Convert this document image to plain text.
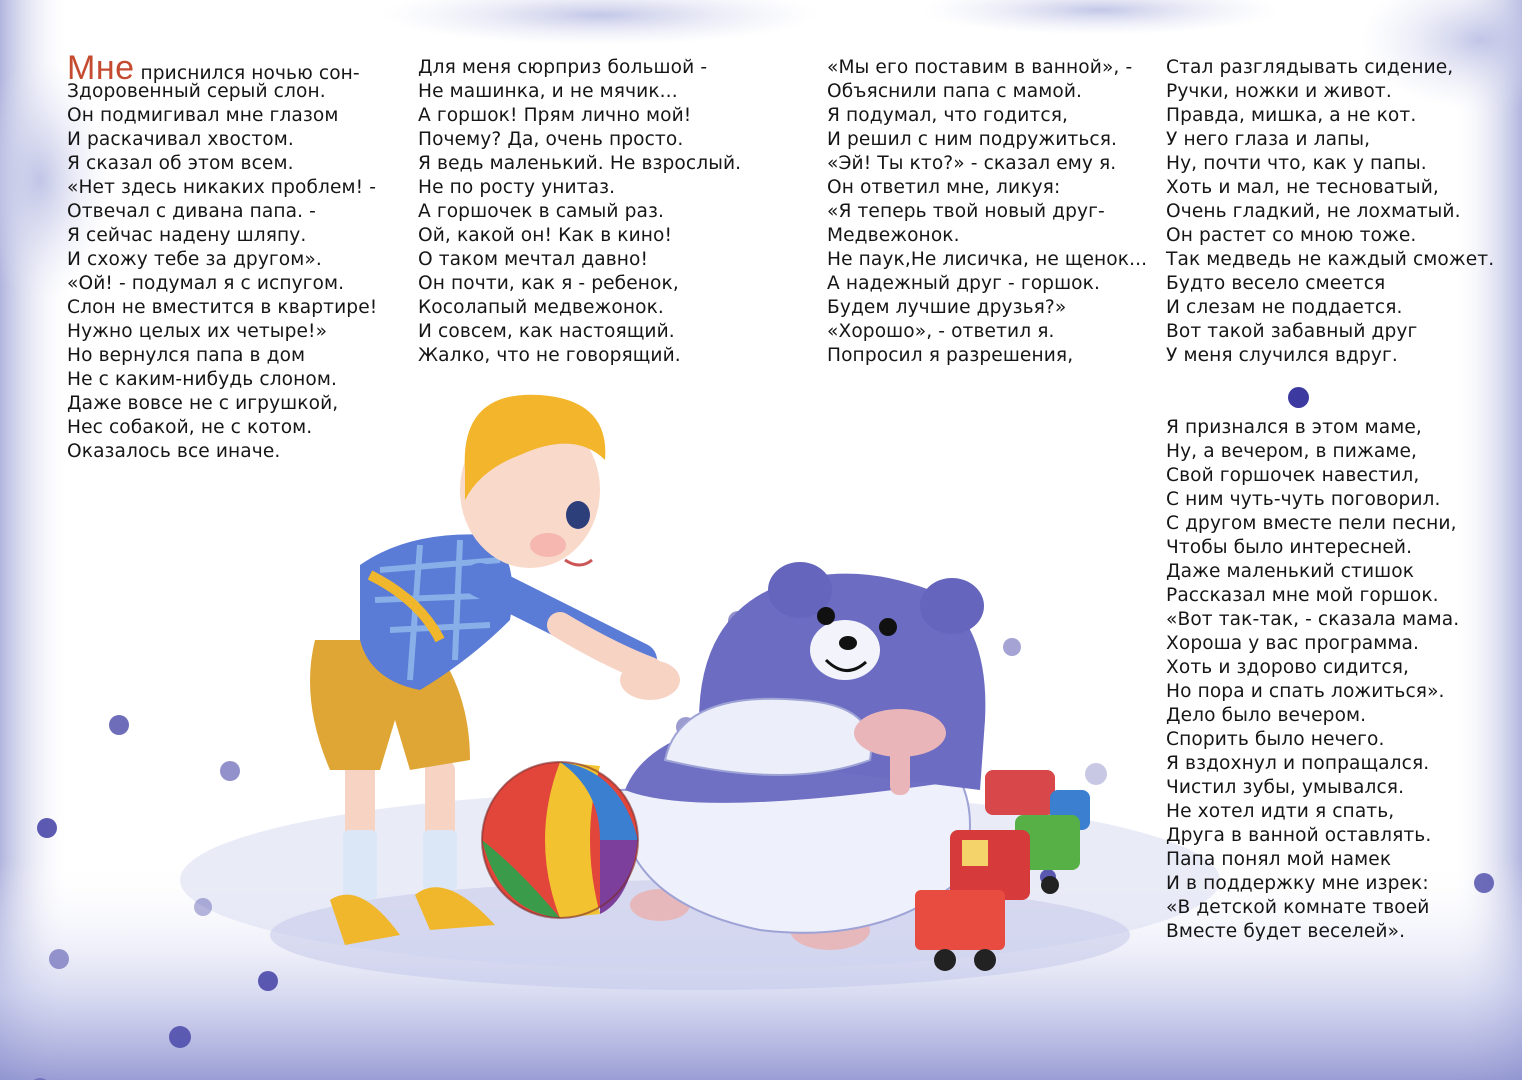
Мне приснился ночью сон-
Здоровенный серый слон.
Он подмигивал мне глазом
И раскачивал хвостом.
Я сказал об этом всем.
«Нет здесь никаких проблем! -
Отвечал с дивана папа. -
Я сейчас надену шляпу.
И схожу тебе за другом».
«Ой! - подумал я с испугом.
Слон не вместится в квартире!
Нужно целых их четыре!»
Но вернулся папа в дом
Не с каким-нибудь слоном.
Даже вовсе не с игрушкой,
Нес собакой, не с котом.
Оказалось все иначе.
Для меня сюрприз большой -
Не машинка, и не мячик...
А горшок! Прям лично мой!
Почему? Да, очень просто.
Я ведь маленький. Не взрослый.
Не по росту унитаз.
А горшочек в самый раз.
Ой, какой он! Как в кино!
О таком мечтал давно!
Он почти, как я - ребенок,
Косолапый медвежонок.
И совсем, как настоящий.
Жалко, что не говорящий.
«Мы его поставим в ванной», -
Объяснили папа с мамой.
Я подумал, что годится,
И решил с ним подружиться.
«Эй! Ты кто?» - сказал ему я.
Он ответил мне, ликуя:
«Я теперь твой новый друг-
Медвежонок.
Не паук,Не лисичка, не щенок...
А надежный друг - горшок.
Будем лучшие друзья?»
«Хорошо», - ответил я.
Попросил я разрешения,
Стал разглядывать сидение,
Ручки, ножки и живот.
Правда, мишка, а не кот.
У него глаза и лапы,
Ну, почти что, как у папы.
Хоть и мал, не тесноватый,
Очень гладкий, не лохматый.
Он растет со мною тоже.
Так медведь не каждый сможет.
Будто весело смеется
И слезам не поддается.
Вот такой забавный друг
У меня случился вдруг.
Я признался в этом маме,
Ну, а вечером, в пижаме,
Свой горшочек навестил,
С ним чуть-чуть поговорил.
С другом вместе пели песни,
Чтобы было интересней.
Даже маленький стишок
Рассказал мне мой горшок.
«Вот так-так, - сказала мама.
Хороша у вас программа.
Хоть и здорово сидится,
Но пора и спать ложиться».
Дело было вечером.
Спорить было нечего.
Я вздохнул и попращался.
Чистил зубы, умывался.
Не хотел идти я спать,
Друга в ванной оставлять.
Папа понял мой намек
И в поддержку мне изрек:
«В детской комнате твоей
Вместе будет веселей».
